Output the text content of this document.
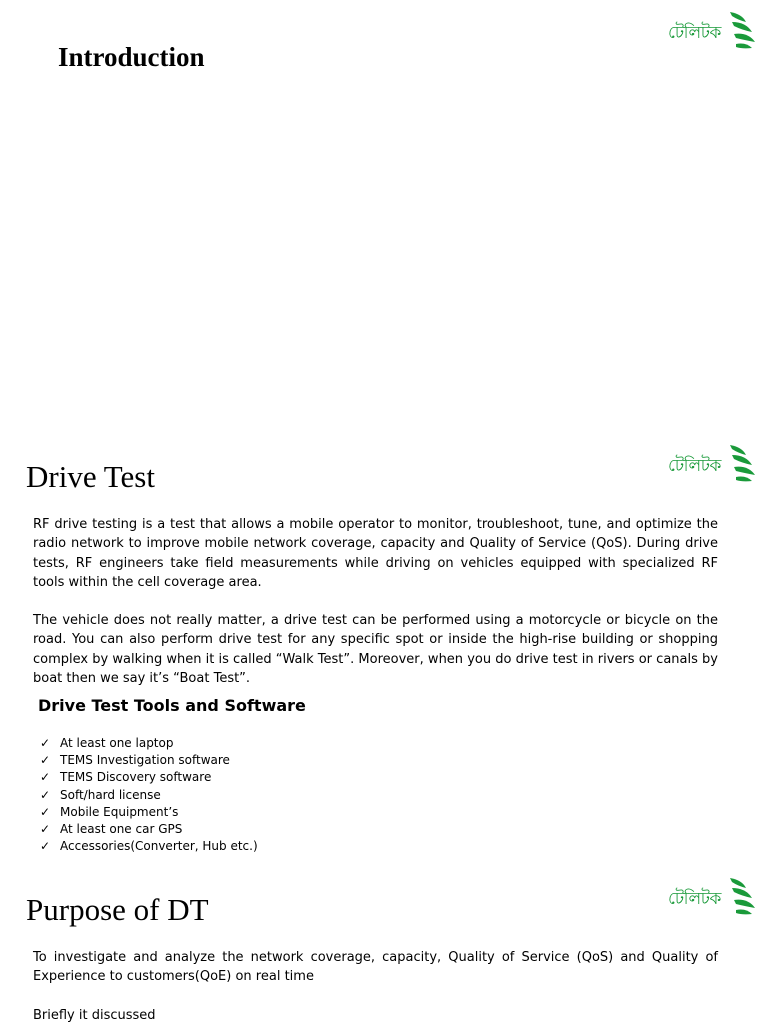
টেলিটক
Introduction
টেলিটক
Drive Test

RF drive testing is a test that allows a mobile operator to monitor, troubleshoot, tune, and optimize the radio network to improve mobile network coverage, capacity and Quality of Service (QoS). During drive tests, RF engineers take field measurements while driving on vehicles equipped with specialized RF tools within the cell coverage area.

The vehicle does not really matter, a drive test can be performed using a motorcycle or bicycle on the road. You can also perform drive test for any specific spot or inside the high-rise building or shopping complex by walking when it is called “Walk Test”. Moreover, when you do drive test in rivers or canals by boat then we say it’s “Boat Test”.

Drive Test Tools and Software
✓ At least one laptop
✓ TEMS Investigation software
✓ TEMS Discovery software
✓ Soft/hard license
✓ Mobile Equipment’s
✓ At least one car GPS
✓ Accessories(Converter, Hub etc.)
টেলিটক
Purpose of DT

To investigate and analyze the network coverage, capacity, Quality of Service (QoS) and Quality of Experience to customers(QoE) on real time

Briefly it discussed
